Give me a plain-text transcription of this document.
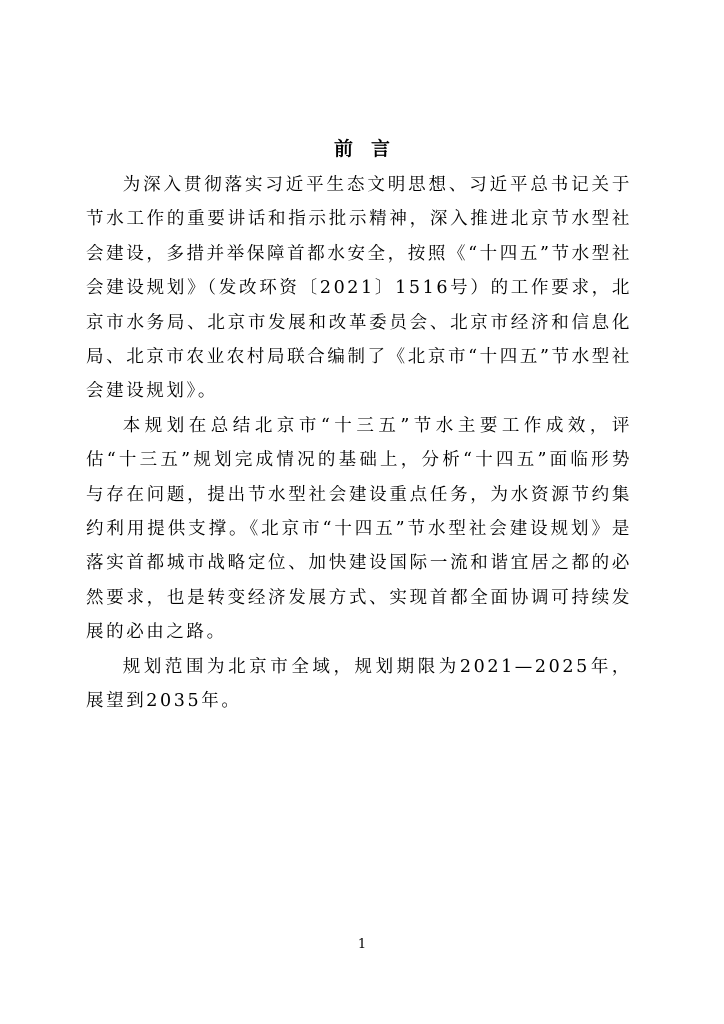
前言

为深入贯彻落实习近平生态文明思想、习近平总书记关于节水工作的重要讲话和指示批示精神，深入推进北京节水型社会建设，多措并举保障首都水安全，按照《“十四五”节水型社会建设规划》（发改环资〔2021〕1516号）的工作要求，北京市水务局、北京市发展和改革委员会、北京市经济和信息化局、北京市农业农村局联合编制了《北京市“十四五”节水型社会建设规划》。

本规划在总结北京市“十三五”节水主要工作成效，评估“十三五”规划完成情况的基础上，分析“十四五”面临形势与存在问题，提出节水型社会建设重点任务，为水资源节约集约利用提供支撑。《北京市“十四五”节水型社会建设规划》是落实首都城市战略定位、加快建设国际一流和谐宜居之都的必然要求，也是转变经济发展方式、实现首都全面协调可持续发展的必由之路。

规划范围为北京市全域，规划期限为2021—2025年，展望到2035年。

1
